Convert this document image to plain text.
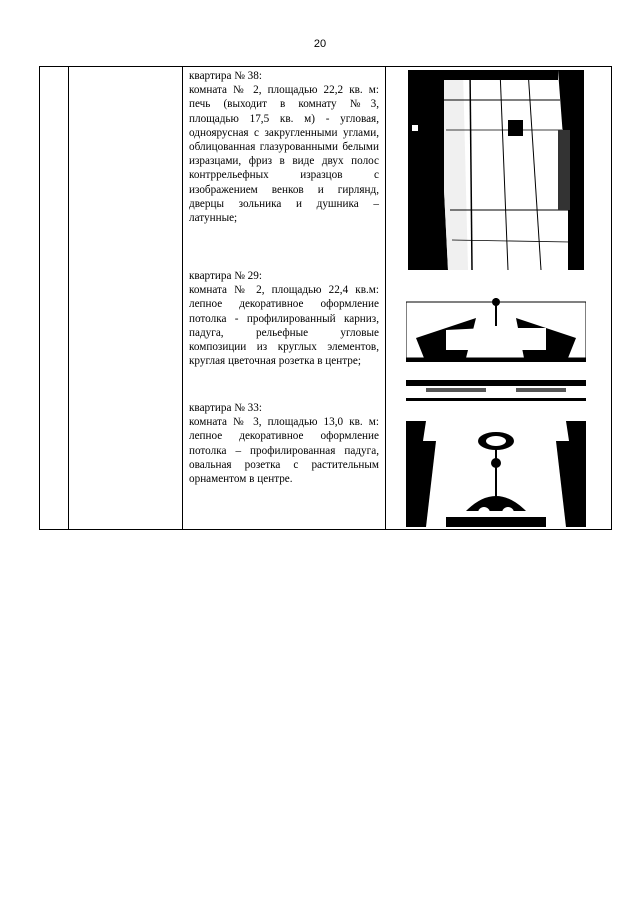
20

квартира № 38:

комната № 2, площадью 22,2 кв. м: печь (выходит в комнату №3, площадью 17,5 кв. м) - угловая, одноярусная с закругленными углами, облицованная глазурованными белыми изразцами, фриз в виде двух полос контррельефных изразцов с изображением венков и гирлянд, дверцы зольника и душника – латунные;

квартира № 29:

комната № 2, площадью 22,4 кв.м: лепное декоративное оформление потолка - профилированный карниз, падуга, рельефные угловые композиции из круглых элементов, круглая цветочная розетка в центре;

квартира № 33:

комната № 3, площадью 13,0 кв. м: лепное декоративное оформление потолка – профилированная падуга, овальная розетка с растительным орнаментом в центре.
